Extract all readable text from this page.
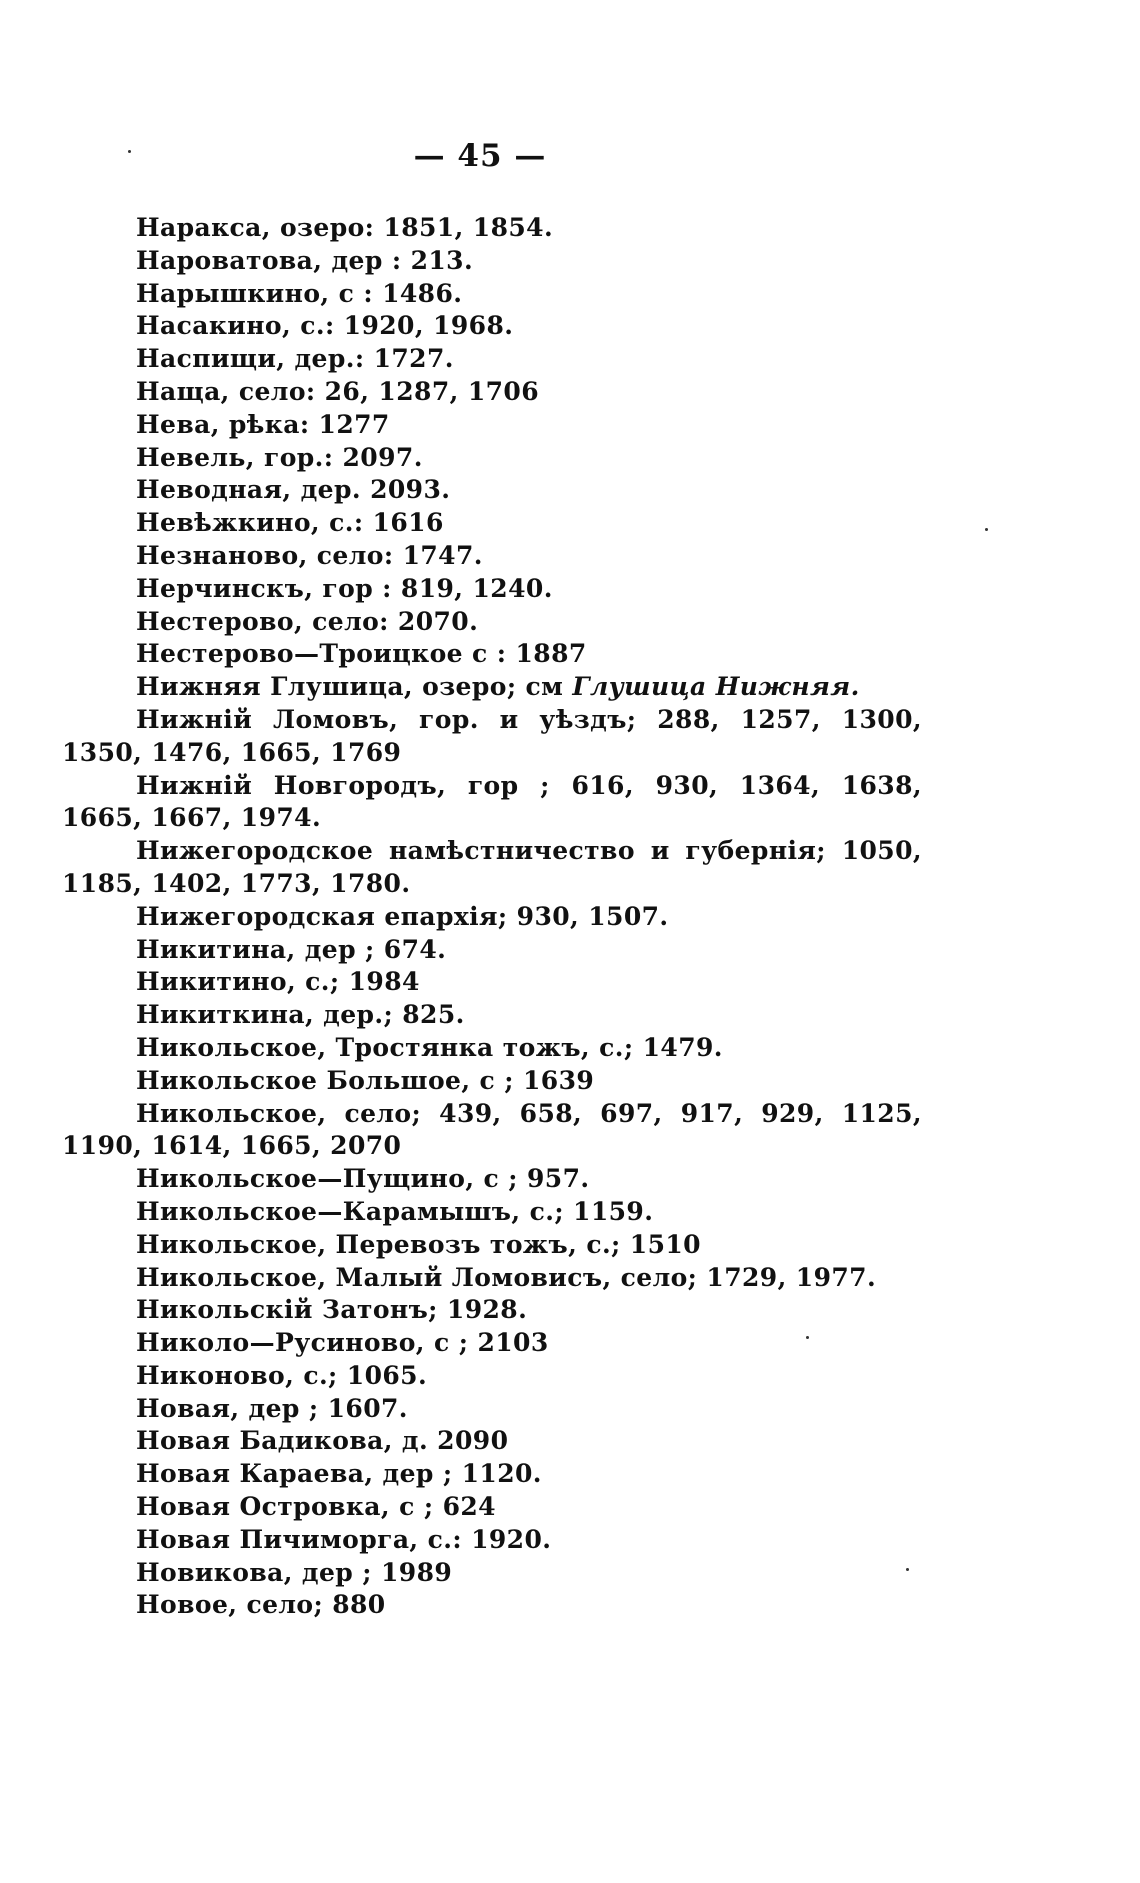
— 45 —
Наракса, озеро: 1851, 1854.
Нароватова, дер : 213.
Нарышкино, с : 1486.
Насакино, с.: 1920, 1968.
Наспищи, дер.: 1727.
Наща, село: 26, 1287, 1706
Нева, рѣка: 1277
Невель, гор.: 2097.
Неводная, дер. 2093.
Невѣжкино, с.: 1616
Незнаново, село: 1747.
Нерчинскъ, гор : 819, 1240.
Нестерово, село: 2070.
Нестерово—Троицкое с : 1887
Нижняя Глушица, озеро; см Глушица Нижняя.
Нижній Ломовъ, гор. и уѣздъ; 288, 1257, 1300, 1350, 1476, 1665, 1769
Нижній Новгородъ, гор ; 616, 930, 1364, 1638, 1665, 1667, 1974.
Нижегородское намѣстничество и губернія; 1050, 1185, 1402, 1773, 1780.
Нижегородская епархія; 930, 1507.
Никитина, дер ; 674.
Никитино, с.; 1984
Никиткина, дер.; 825.
Никольское, Тростянка тожъ, с.; 1479.
Никольское Большое, с ; 1639
Никольское, село; 439, 658, 697, 917, 929, 1125, 1190, 1614, 1665, 2070
Никольское—Пущино, с ; 957.
Никольское—Карамышъ, с.; 1159.
Никольское, Перевозъ тожъ, с.; 1510
Никольское, Малый Ломовисъ, село; 1729, 1977.
Никольскій Затонъ; 1928.
Николо—Русиново, с ; 2103
Никоново, с.; 1065.
Новая, дер ; 1607.
Новая Бадикова, д. 2090
Новая Караева, дер ; 1120.
Новая Островка, с ; 624
Новая Пичиморга, с.: 1920.
Новикова, дер ; 1989
Новое, село; 880
